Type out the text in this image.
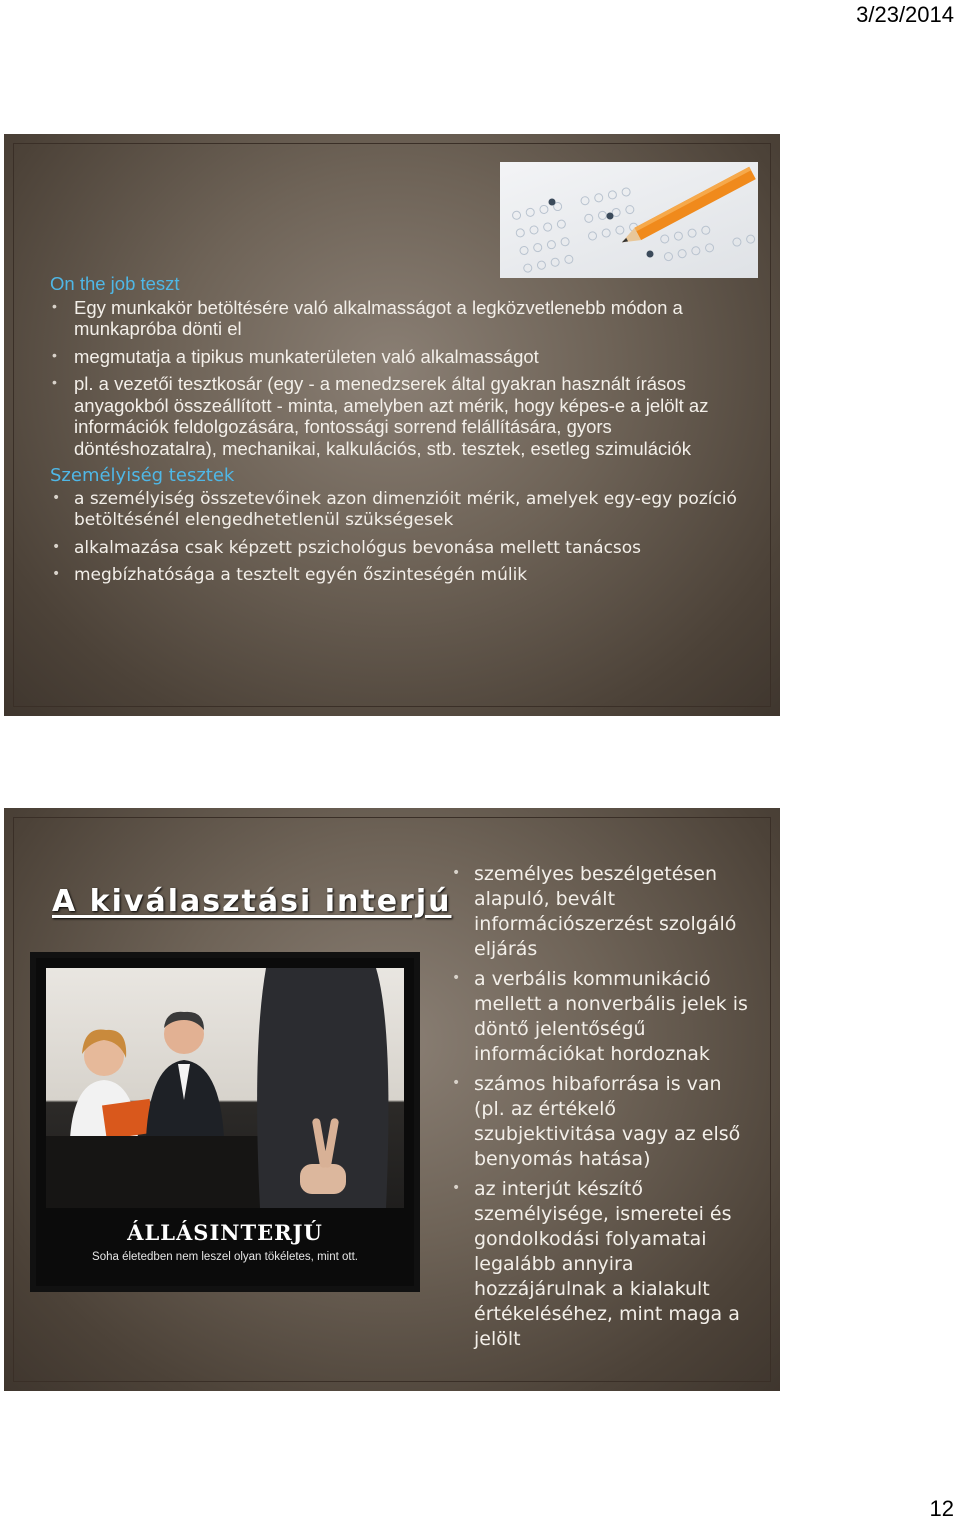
3/23/2014
On the job teszt
• Egy munkakör betöltésére való alkalmasságot a legközvetlenebb módon a munkapróba dönti el
• megmutatja a tipikus munkaterületen való alkalmasságot
• pl. a vezetői tesztkosár (egy - a menedzserek által gyakran használt írásos anyagokból összeállított - minta, amelyben azt mérik, hogy képes-e a jelölt az információk feldolgozására, fontossági sorrend felállítására, gyors döntéshozatalra), mechanikai, kalkulációs, stb. tesztek, esetleg szimulációk
Személyiség tesztek
• a személyiség összetevőinek azon dimenzióit mérik, amelyek egy-egy pozíció betöltésénél elengedhetetlenül szükségesek
• alkalmazása csak képzett pszichológus bevonása mellett tanácsos
• megbízhatósága a tesztelt egyén őszinteségén múlik
A kiválasztási interjú
ÁLLÁSINTERJÚ
Soha életedben nem leszel olyan tökéletes, mint ott.
• személyes beszélgetésen alapuló, bevált információszerzést szolgáló eljárás
• a verbális kommunikáció mellett a nonverbális jelek is döntő jelentőségű információkat hordoznak
• számos hibaforrása is van (pl. az értékelő szubjektivitása vagy az első benyomás hatása)
• az interjút készítő személyisége, ismeretei és gondolkodási folyamatai legalább annyira hozzájárulnak a kialakult értékeléséhez, mint maga a jelölt
12
